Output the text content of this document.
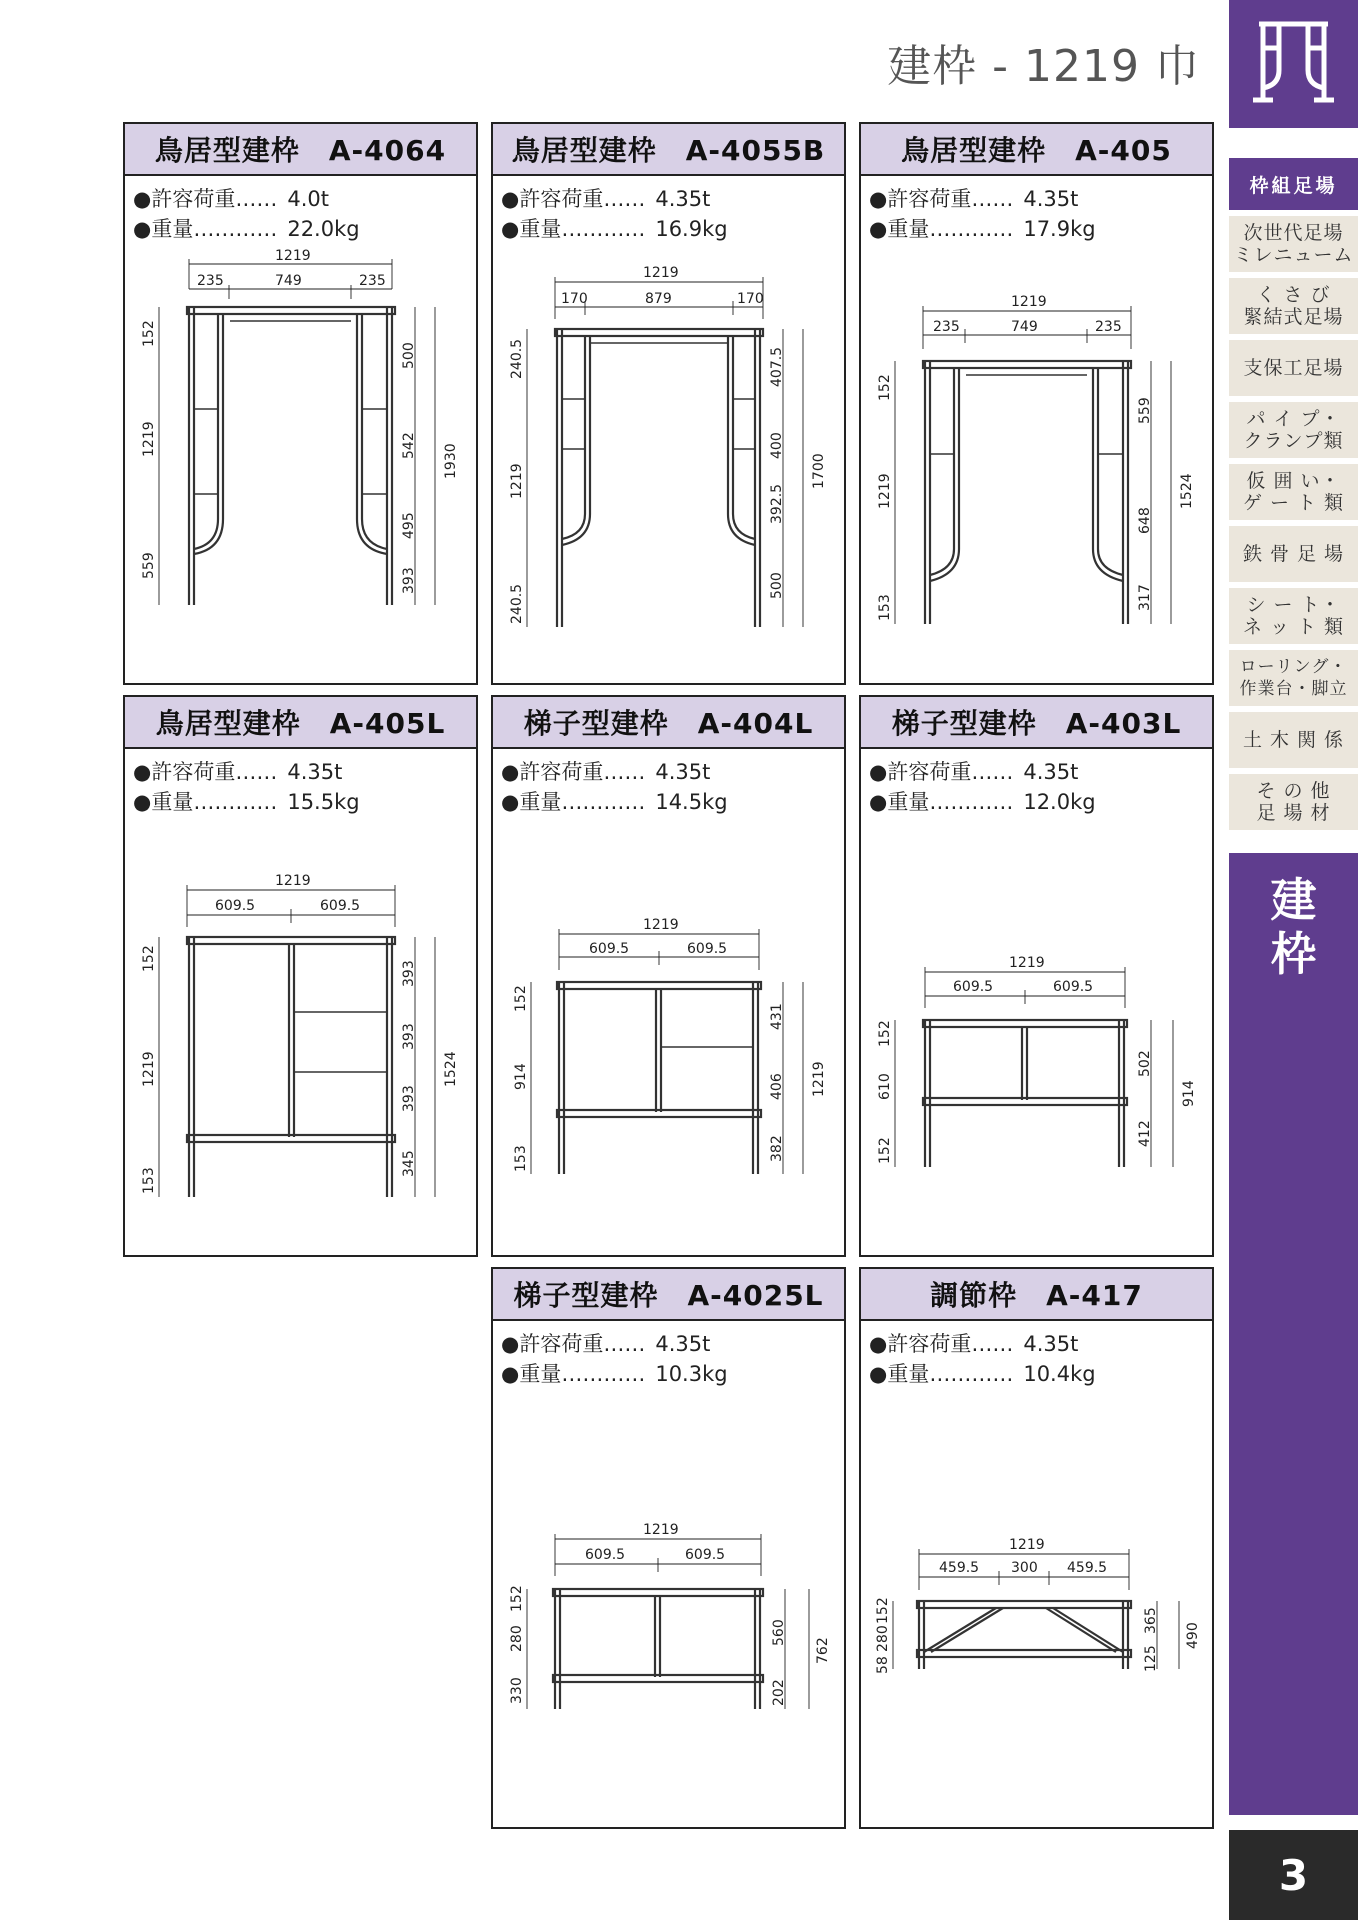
建枠 - 1219 巾
鳥居型建枠　A-4064
●許容荷重…… 4.0t
●重量………… 22.0kg
1219
235	749	235
152
1219
559
500
542
495
393
1930
鳥居型建枠　A-4055B
●許容荷重…… 4.35t
●重量………… 16.9kg
1219
170	879	170
240.5
1219
240.5
407.5
400
392.5
500
1700
鳥居型建枠　A-405
●許容荷重…… 4.35t
●重量………… 17.9kg
1219
235	749	235
152
1219
153
559
648
317
1524
鳥居型建枠　A-405L
●許容荷重…… 4.35t
●重量………… 15.5kg
1219
609.5	609.5
152
1219
153
393
393
393
345
1524
梯子型建枠　A-404L
●許容荷重…… 4.35t
●重量………… 14.5kg
1219
609.5	609.5
152
914
153
431
406
382
1219
梯子型建枠　A-403L
●許容荷重…… 4.35t
●重量………… 12.0kg
1219
609.5	609.5
152
610
152
502
412
914
梯子型建枠　A-4025L
●許容荷重…… 4.35t
●重量………… 10.3kg
1219
609.5	609.5
152
280
330
560
202
762
調節枠　A-417
●許容荷重…… 4.35t
●重量………… 10.4kg
1219
459.5 300 459.5
152
280
58
365
125
490
枠組足場
次世代足場
ミレニューム
く さ び
緊結式足場
支保工足場
パ イ プ・
クランプ類
仮 囲 い・
ゲ ー ト 類
鉄 骨 足 場
シ ー ト・
ネ ッ ト 類
ローリング・
作業台・脚立
土 木 関 係
そ の 他
足 場 材
建
枠
3
